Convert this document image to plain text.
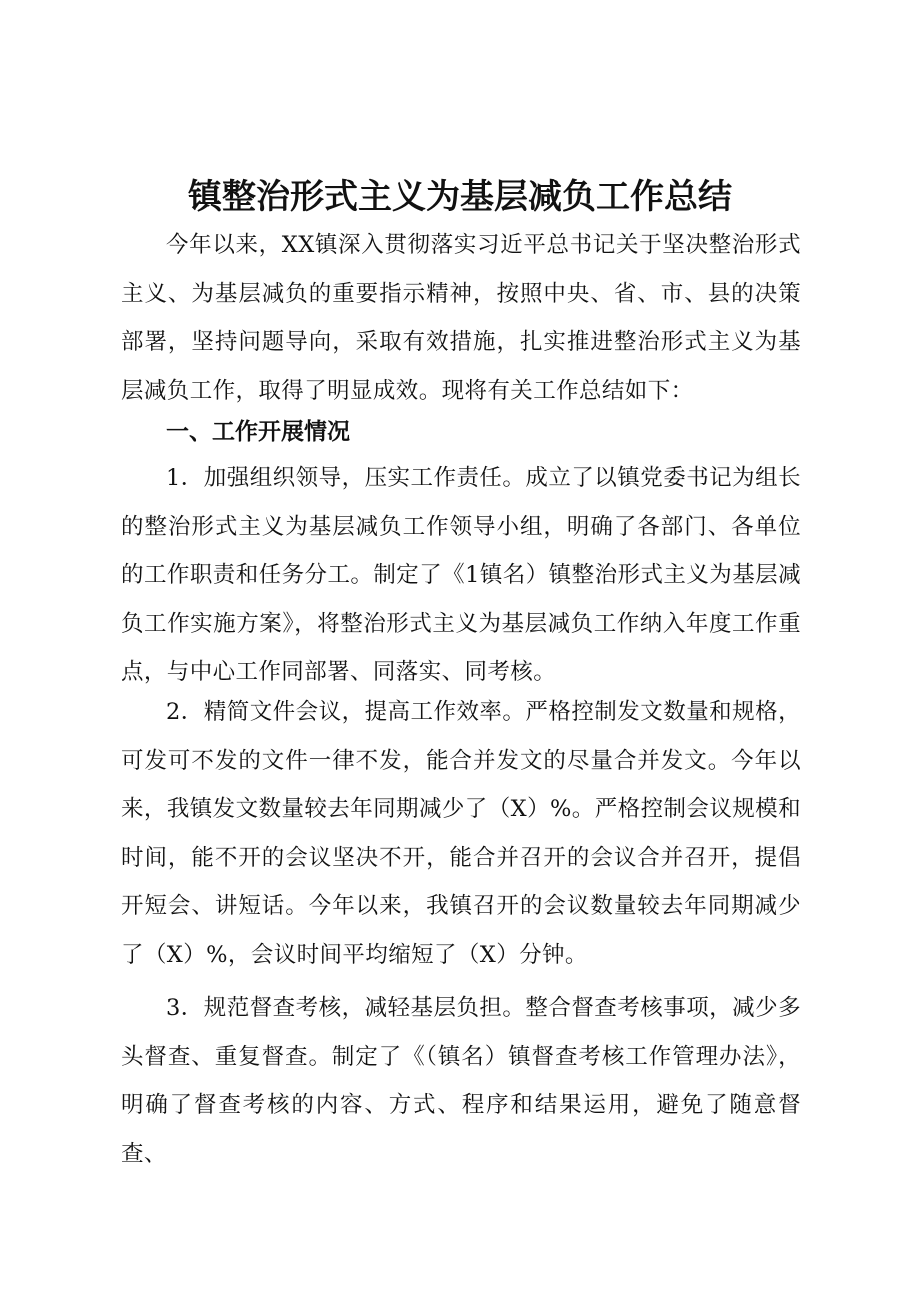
镇整治形式主义为基层减负工作总结

今年以来，XX镇深入贯彻落实习近平总书记关于坚决整治形式主义、为基层减负的重要指示精神，按照中央、省、市、县的决策部署，坚持问题导向，采取有效措施，扎实推进整治形式主义为基层减负工作，取得了明显成效。现将有关工作总结如下：

一、工作开展情况

1．加强组织领导，压实工作责任。成立了以镇党委书记为组长的整治形式主义为基层减负工作领导小组，明确了各部门、各单位的工作职责和任务分工。制定了《1镇名）镇整治形式主义为基层减负工作实施方案》，将整治形式主义为基层减负工作纳入年度工作重点，与中心工作同部署、同落实、同考核。

2．精简文件会议，提高工作效率。严格控制发文数量和规格，可发可不发的文件一律不发，能合并发文的尽量合并发文。今年以来，我镇发文数量较去年同期减少了（X）%。严格控制会议规模和时间，能不开的会议坚决不开，能合并召开的会议合并召开，提倡开短会、讲短话。今年以来，我镇召开的会议数量较去年同期减少了（X）%，会议时间平均缩短了（X）分钟。

3．规范督查考核，减轻基层负担。整合督查考核事项，减少多头督查、重复督查。制定了《（镇名）镇督查考核工作管理办法》，明确了督查考核的内容、方式、程序和结果运用，避免了随意督查、
